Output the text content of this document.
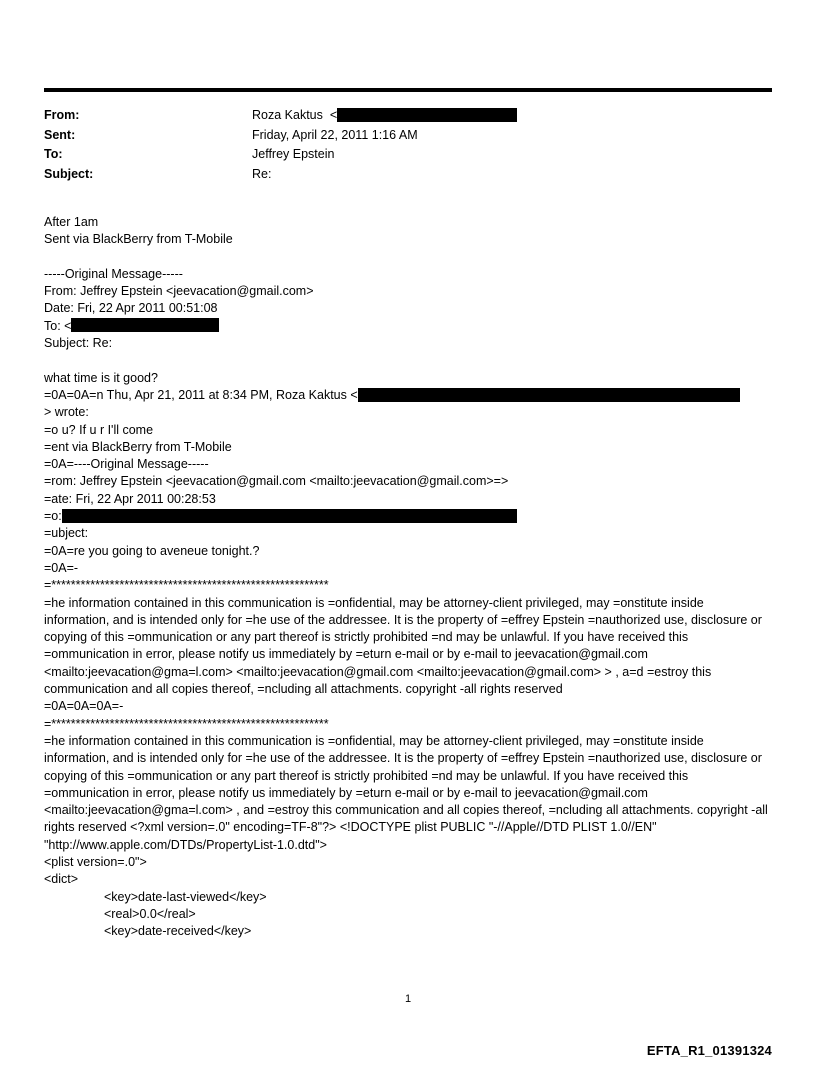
From:	Roza Kaktus  <
Sent:	Friday, April 22, 2011 1:16 AM
To:	Jeffrey Epstein
Subject:	Re:
After 1am
Sent via BlackBerry from T-Mobile
-----Original Message-----
From: Jeffrey Epstein <jeevacation@gmail.com>
Date: Fri, 22 Apr 2011 00:51:08
To: <
Subject: Re:
what time is it good?
=0A=0A=n Thu, Apr 21, 2011 at 8:34 PM, Roza Kaktus <
> wrote:
=o u? If u r I'll come
=ent via BlackBerry from T-Mobile
=0A=----Original Message-----
=rom: Jeffrey Epstein <jeevacation@gmail.com <mailto:jeevacation@gmail.com>=>
=ate: Fri, 22 Apr 2011 00:28:53
=o:
=ubject:
=0A=re you going to aveneue tonight.?
=0A=-
=*********************************************************
=he information contained in this communication is =onfidential, may be attorney-client privileged, may =onstitute inside information, and is intended only for =he use of the addressee. It is the property of =effrey Epstein =nauthorized use, disclosure or copying of this =ommunication or any part thereof is strictly prohibited =nd may be unlawful. If you have received this =ommunication in error, please notify us immediately by =eturn e-mail or by e-mail to jeevacation@gmail.com <mailto:jeevacation@gma=l.com> <mailto:jeevacation@gmail.com <mailto:jeevacation@gmail.com> > , a=d =estroy this communication and all copies thereof, =ncluding all attachments. copyright -all rights reserved
=0A=0A=0A=-
=*********************************************************
=he information contained in this communication is =onfidential, may be attorney-client privileged, may =onstitute inside information, and is intended only for =he use of the addressee. It is the property of =effrey Epstein =nauthorized use, disclosure or copying of this =ommunication or any part thereof is strictly prohibited =nd may be unlawful. If you have received this =ommunication in error, please notify us immediately by =eturn e-mail or by e-mail to jeevacation@gmail.com <mailto:jeevacation@gma=l.com> , and =estroy this communication and all copies thereof, =ncluding all attachments. copyright -all rights reserved <?xml version=.0" encoding=TF-8"?> <!DOCTYPE plist PUBLIC "-//Apple//DTD PLIST 1.0//EN" "http://www.apple.com/DTDs/PropertyList-1.0.dtd">
<plist version=.0">
<dict>
<key>date-last-viewed</key>
<real>0.0</real>
<key>date-received</key>
1
EFTA_R1_01391324
